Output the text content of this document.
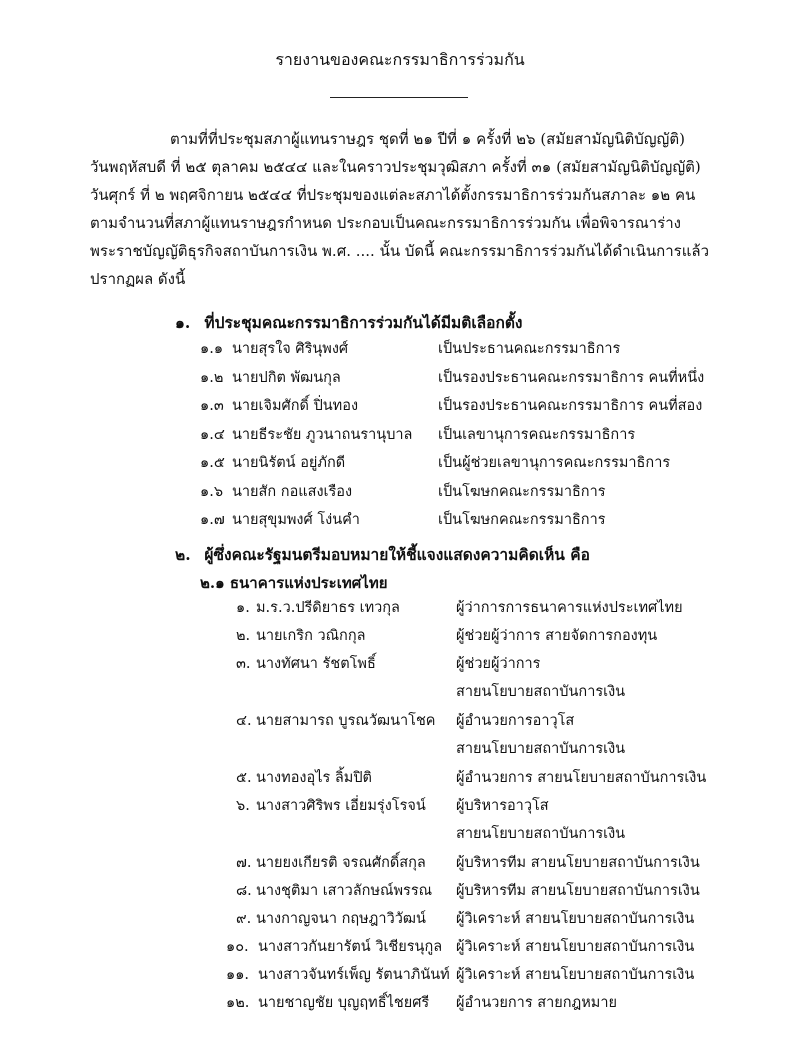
รายงานของคณะกรรมาธิการร่วมกัน
ตามที่ที่ประชุมสภาผู้แทนราษฎร ชุดที่ ๒๑ ปีที่ ๑ ครั้งที่ ๒๖ (สมัยสามัญนิติบัญญัติ)
วันพฤหัสบดี ที่ ๒๕ ตุลาคม ๒๕๔๔ และในคราวประชุมวุฒิสภา ครั้งที่ ๓๑ (สมัยสามัญนิติบัญญัติ)
วันศุกร์ ที่ ๒ พฤศจิกายน ๒๕๔๔ ที่ประชุมของแต่ละสภาได้ตั้งกรรมาธิการร่วมกันสภาละ ๑๒ คน
ตามจำนวนที่สภาผู้แทนราษฎรกำหนด ประกอบเป็นคณะกรรมาธิการร่วมกัน เพื่อพิจารณาร่าง
พระราชบัญญัติธุรกิจสถาบันการเงิน พ.ศ. .... นั้น บัดนี้ คณะกรรมาธิการร่วมกันได้ดำเนินการแล้ว
ปรากฏผล ดังนี้
๑. ที่ประชุมคณะกรรมาธิการร่วมกันได้มีมติเลือกตั้ง
๑.๑ นายสุรใจ ศิรินุพงศ์	เป็นประธานคณะกรรมาธิการ
๑.๒ นายปกิต พัฒนกุล	เป็นรองประธานคณะกรรมาธิการ คนที่หนึ่ง
๑.๓ นายเจิมศักดิ์ ปิ่นทอง	เป็นรองประธานคณะกรรมาธิการ คนที่สอง
๑.๔ นายธีระชัย ภูวนาถนรานุบาล เป็นเลขานุการคณะกรรมาธิการ
๑.๕ นายนิรัตน์ อยู่ภักดี	เป็นผู้ช่วยเลขานุการคณะกรรมาธิการ
๑.๖ นายสัก กอแสงเรือง	เป็นโฆษกคณะกรรมาธิการ
๑.๗ นายสุขุมพงศ์ โง่นคำ	เป็นโฆษกคณะกรรมาธิการ
๒. ผู้ซึ่งคณะรัฐมนตรีมอบหมายให้ชี้แจงแสดงความคิดเห็น คือ
๒.๑ ธนาคารแห่งประเทศไทย
๑. ม.ร.ว.ปรีดิยาธร เทวกุล	ผู้ว่าการการธนาคารแห่งประเทศไทย
๒. นายเกริก วณิกกุล	ผู้ช่วยผู้ว่าการ สายจัดการกองทุน
๓. นางทัศนา รัชตโพธิ์	ผู้ช่วยผู้ว่าการ
สายนโยบายสถาบันการเงิน
๔. นายสามารถ บูรณวัฒนาโชค ผู้อำนวยการอาวุโส
สายนโยบายสถาบันการเงิน
๕. นางทองอุไร ลิ้มปิติ	ผู้อำนวยการ สายนโยบายสถาบันการเงิน
๖. นางสาวศิริพร เอี่ยมรุ่งโรจน์ ผู้บริหารอาวุโส
สายนโยบายสถาบันการเงิน
๗. นายยงเกียรติ จรณศักดิ์สกุล ผู้บริหารทีม สายนโยบายสถาบันการเงิน
๘. นางชุติมา เสาวลักษณ์พรรณ ผู้บริหารทีม สายนโยบายสถาบันการเงิน
๙. นางกาญจนา กฤษฎาวิวัฒน์ ผู้วิเคราะห์ สายนโยบายสถาบันการเงิน
๑๐. นางสาวกันยารัตน์ วิเชียรนุกูล ผู้วิเคราะห์ สายนโยบายสถาบันการเงิน
๑๑. นางสาวจันทร์เพ็ญ รัตนาภินันท์ ผู้วิเคราะห์ สายนโยบายสถาบันการเงิน
๑๒. นายชาญชัย บุญฤทธิ์ไชยศรี ผู้อำนวยการ สายกฎหมาย
